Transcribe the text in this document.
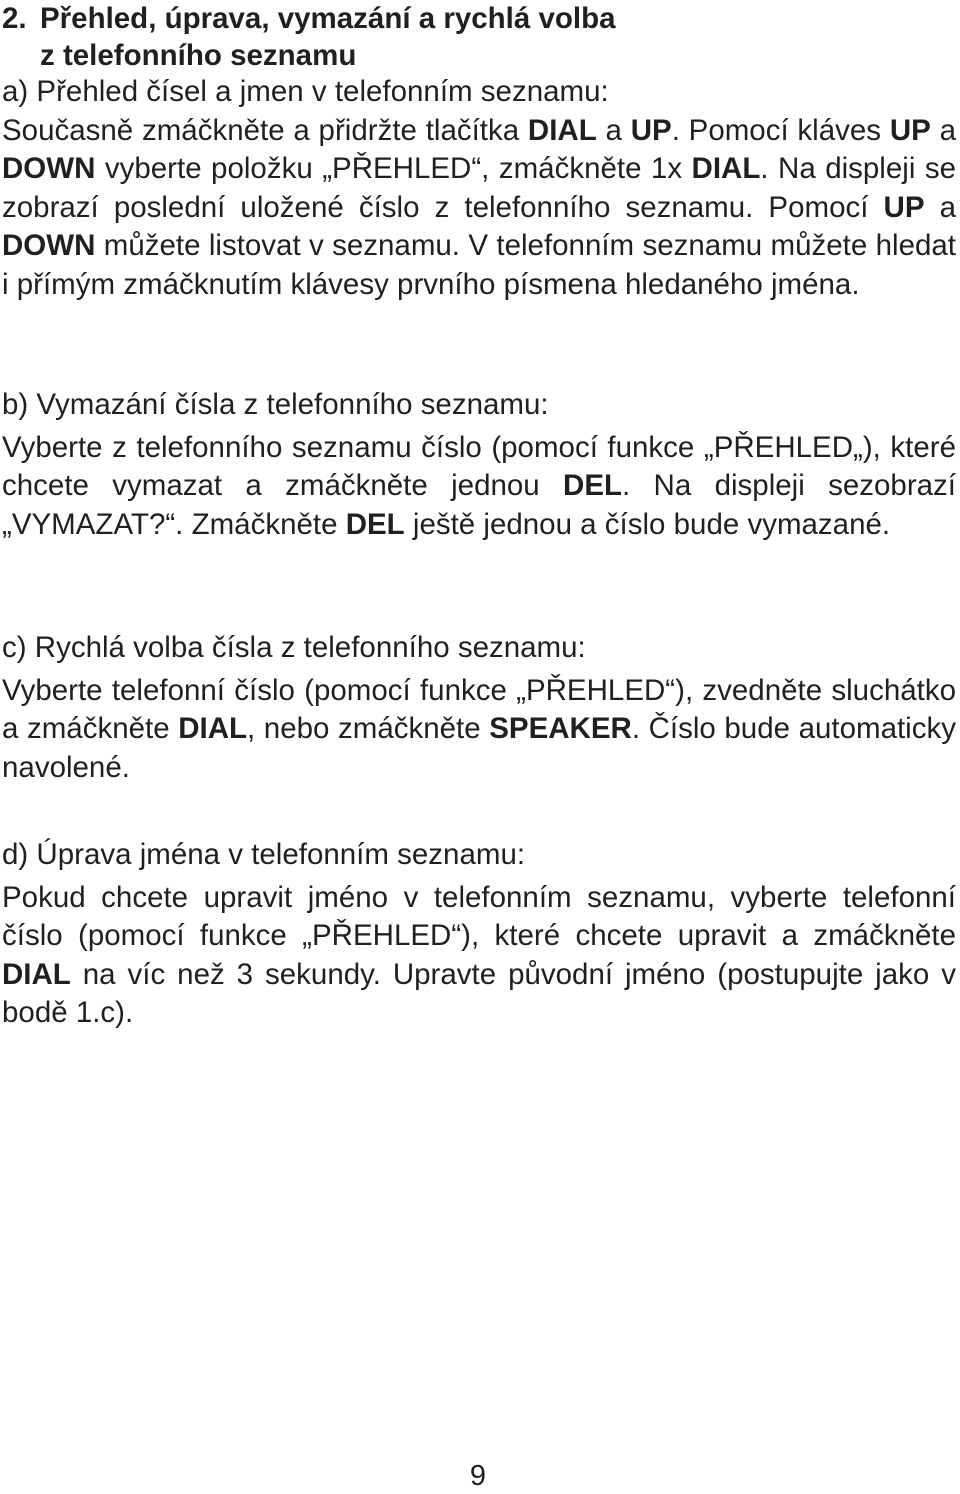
2. Přehled, úprava, vymazání a rychlá volba
z telefonního seznamu
a) Přehled čísel a jmen v telefonním seznamu:
Současně zmáčkněte a přidržte tlačítka DIAL a UP. Pomocí kláves UP a DOWN vyberte položku „PŘEHLED“, zmáčkněte 1x DIAL. Na displeji se zobrazí poslední uložené číslo z telefonního seznamu. Pomocí UP a DOWN můžete listovat v seznamu. V telefonním seznamu můžete hledat i přímým zmáčknutím klávesy prvního písmena hledaného jména.
b) Vymazání čísla z telefonního seznamu:
Vyberte z telefonního seznamu číslo (pomocí funkce „PŘEHLED„), které chcete vymazat a zmáčkněte jednou DEL. Na displeji sezobrazí „VYMAZAT?“. Zmáčkněte DEL ještě jednou a číslo bude vymazané.
c) Rychlá volba čísla z telefonního seznamu:
Vyberte telefonní číslo (pomocí funkce „PŘEHLED“), zvedněte sluchátko a zmáčkněte DIAL, nebo zmáčkněte SPEAKER. Číslo bude automaticky navolené.
d) Úprava jména v telefonním seznamu:
Pokud chcete upravit jméno v telefonním seznamu, vyberte telefonní číslo (pomocí funkce „PŘEHLED“), které chcete upravit a zmáčkněte DIAL na víc než 3 sekundy. Upravte původní jméno (postupujte jako v bodě 1.c).
9
